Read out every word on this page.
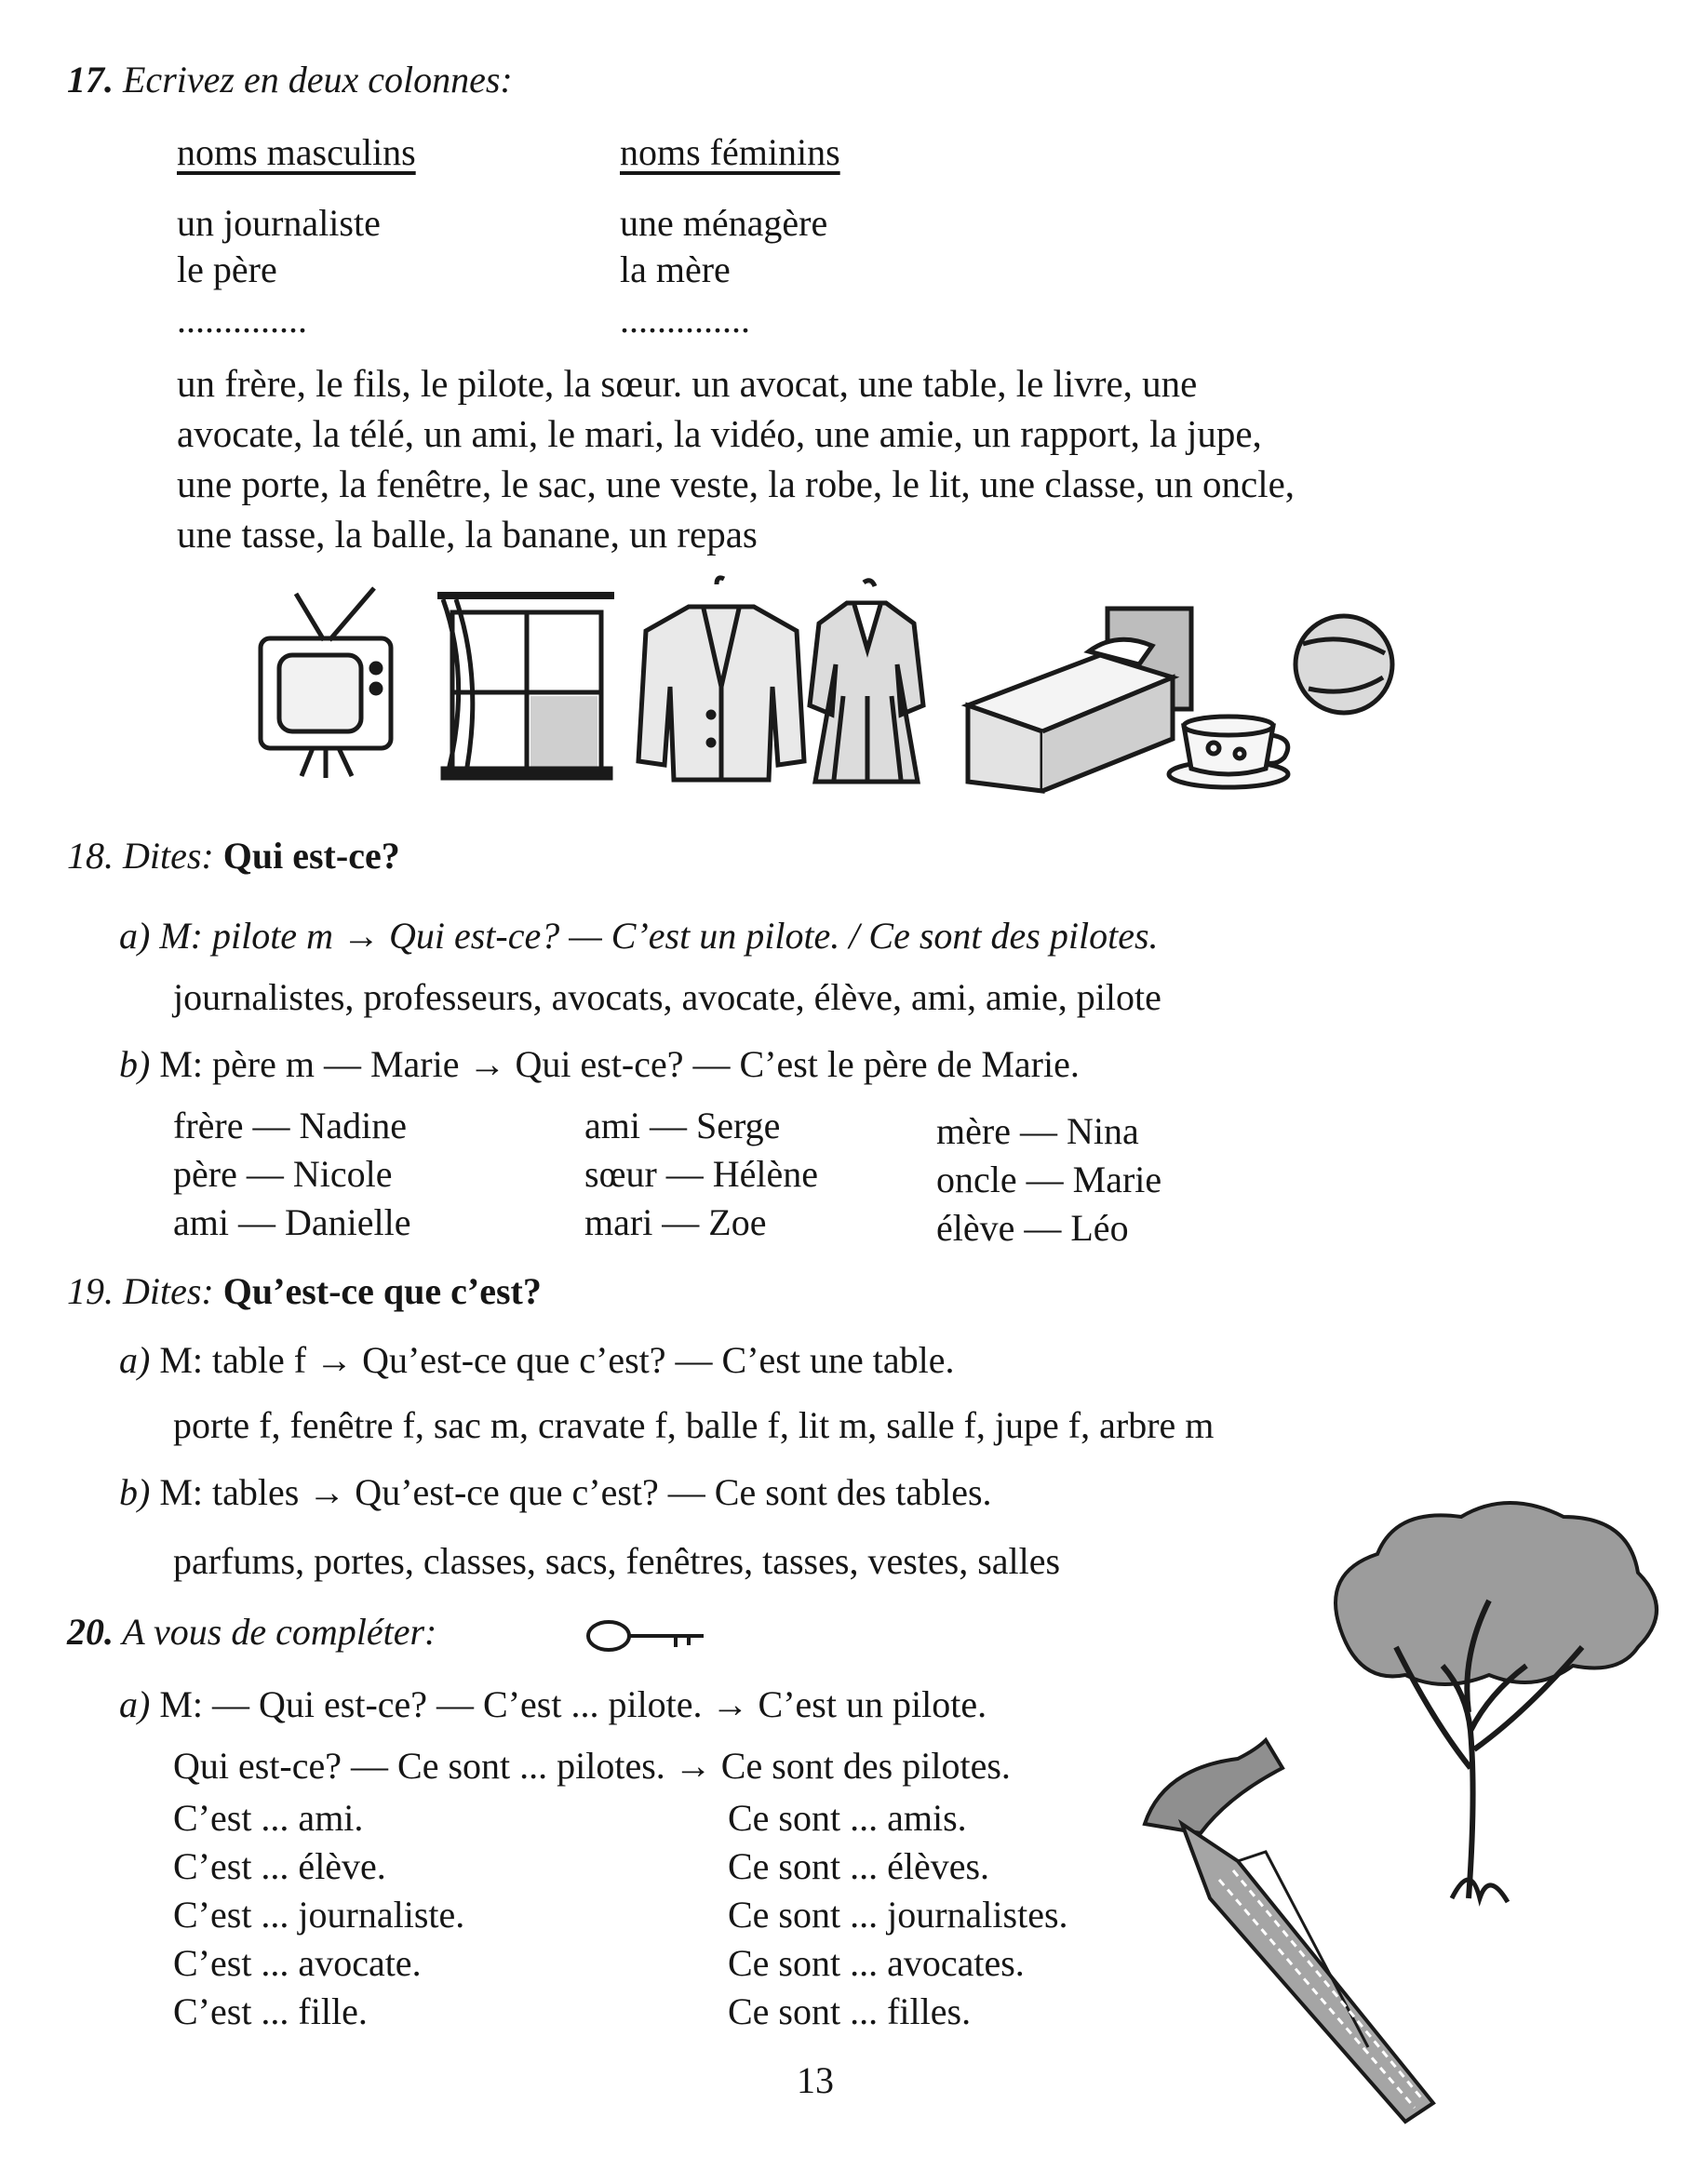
17. Ecrivez en deux colonnes:
noms masculins	noms féminins
un journaliste
le père
..............
une ménagère
la mère
..............

un frère, le fils, le pilote, la sœur. un avocat, une table, le livre, une

avocate, la télé, un ami, le mari, la vidéo, une amie, un rapport, la jupe,

une porte, la fenêtre, le sac, une veste, la robe, le lit, une classe, un oncle,

une tasse, la balle, la banane, un repas

18. Dites: Qui est-ce?
a) M: pilote m → Qui est-ce? — C’est un pilote. / Ce sont des pilotes.
journalistes, professeurs, avocats, avocate, élève, ami, amie, pilote
b) M: père m — Marie → Qui est-ce? — C’est le père de Marie.
frère — Nadine
père — Nicole
ami — Danielle
ami — Serge
sœur — Hélène
mari — Zoe
mère — Nina
oncle — Marie
élève — Léo
19. Dites: Qu’est-ce que c’est?
a) M: table f → Qu’est-ce que c’est? — C’est une table.
porte f, fenêtre f, sac m, cravate f, balle f, lit m, salle f, jupe f, arbre m
b) M: tables → Qu’est-ce que c’est? — Ce sont des tables.
parfums, portes, classes, sacs, fenêtres, tasses, vestes, salles
20. A vous de compléter:
a) M: — Qui est-ce? — C’est ... pilote. → C’est un pilote.
Qui est-ce? — Ce sont ... pilotes. → Ce sont des pilotes.
C’est ... ami.
C’est ... élève.
C’est ... journaliste.
C’est ... avocate.
C’est ... fille.
Ce sont ... amis.
Ce sont ... élèves.
Ce sont ... journalistes.
Ce sont ... avocates.
Ce sont ... filles.
13
